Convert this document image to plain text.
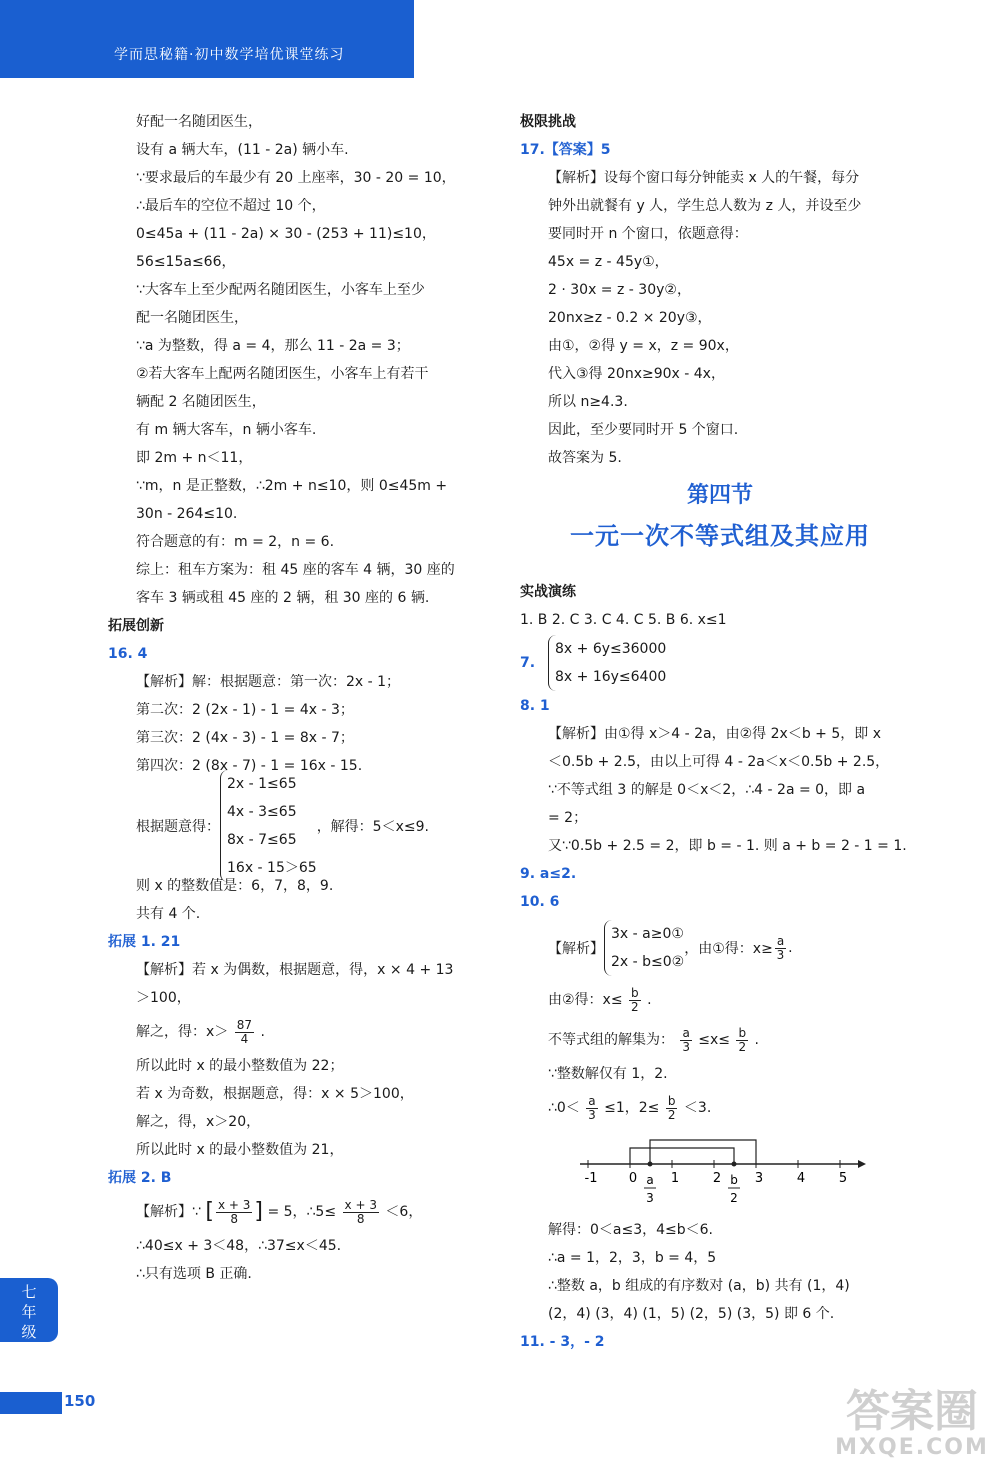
学而思秘籍·初中数学培优课堂练习
好配一名随团医生，
设有 a 辆大车，(11 - 2a) 辆小车.
∵要求最后的车最少有 20 上座率，30 - 20 = 10，
∴最后车的空位不超过 10 个，
0≤45a + (11 - 2a) × 30 - (253 + 11)≤10，
56≤15a≤66，
∵大客车上至少配两名随团医生，小客车上至少
配一名随团医生，
∵a 为整数，得 a = 4，那么 11 - 2a = 3；
②若大客车上配两名随团医生，小客车上有若干
辆配 2 名随团医生，
有 m 辆大客车，n 辆小客车.
即 2m + n＜11，
∵m，n 是正整数，∴2m + n≤10，则 0≤45m +
30n - 264≤10.
符合题意的有：m = 2，n = 6.
综上：租车方案为：租 45 座的客车 4 辆，30 座的
客车 3 辆或租 45 座的 2 辆，租 30 座的 6 辆.
拓展创新
16. 4
【解析】解：根据题意：第一次：2x - 1；
第二次：2 (2x - 1) - 1 = 4x - 3；
第三次：2 (4x - 3) - 1 = 8x - 7；
第四次：2 (8x - 7) - 1 = 16x - 15.
根据题意得：
2x - 1≤65
4x - 3≤65
8x - 7≤65
16x - 15＞65
，解得：5＜x≤9.
则 x 的整数值是：6，7，8，9.
共有 4 个.
拓展 1. 21
【解析】若 x 为偶数，根据题意，得，x × 4 + 13
＞100，
解之，得：$x> \frac{87}{4}$ .
所以此时 x 的最小整数值为 22；
若 x 为奇数，根据题意，得：x × 5＞100，
解之，得，x＞20，
所以此时 x 的最小整数值为 21，
拓展 2. B
【解析】∵ [ $\frac{x + 3}{8}$ ] = 5，∴5≤ $\frac{x + 3}{8} <6$，
∴40≤x + 3＜48，∴37≤x＜45.
∴只有选项 B 正确.
极限挑战
17.【答案】5
【解析】设每个窗口每分钟能卖 x 人的午餐，每分
钟外出就餐有 y 人，学生总人数为 z 人，并设至少
要同时开 n 个窗口，依题意得：
45x = z - 45y①，
2 · 30x = z - 30y②，
20nx≥z - 0.2 × 20y③，
由①，②得 y = x，z = 90x，
代入③得 20nx≥90x - 4x，
所以 n≥4.3.
因此，至少要同时开 5 个窗口.
故答案为 5.
第四节
一元一次不等式组及其应用
实战演练
1. B 2. C 3. C 4. C 5. B 6. x≤1
7.
8x + 6y≤36000
8x + 16y≤6400
8. 1
【解析】由①得 x＞4 - 2a，由②得 2x＜b + 5，即 x
＜0.5b + 2.5，由以上可得 4 - 2a＜x＜0.5b + 2.5，
∵不等式组 3 的解是 0＜x＜2，∴4 - 2a = 0，即 a
= 2；
又∵0.5b + 2.5 = 2，即 b = - 1. 则 a + b = 2 - 1 = 1.
9. a≤2.
10. 6
【解析】
3x - a≥0①
2x - b≤0②
，由①得：$x\ge \frac{a}{3}$ .
由②得：$x\le \frac{b}{2}$ .
不等式组的解集为： $\frac{a}{3} \le x\le \frac{b}{2}$ .
∵整数解仅有 1，2.
∴0＜ $\frac{a}{3} \le 1$，$2\le \frac{b}{2} <3$.
-1 0	1	2	3	4	5
a
3
b
2
解得：0＜a≤3，4≤b＜6.
∴a = 1，2，3，b = 4，5
∴整数 a，b 组成的有序数对 (a，b) 共有 (1，4)
(2，4) (3，4) (1，5) (2，5) (3，5) 即 6 个.
11. - 3，- 2
七
年
级
150	答案圈
MXQE.COM
